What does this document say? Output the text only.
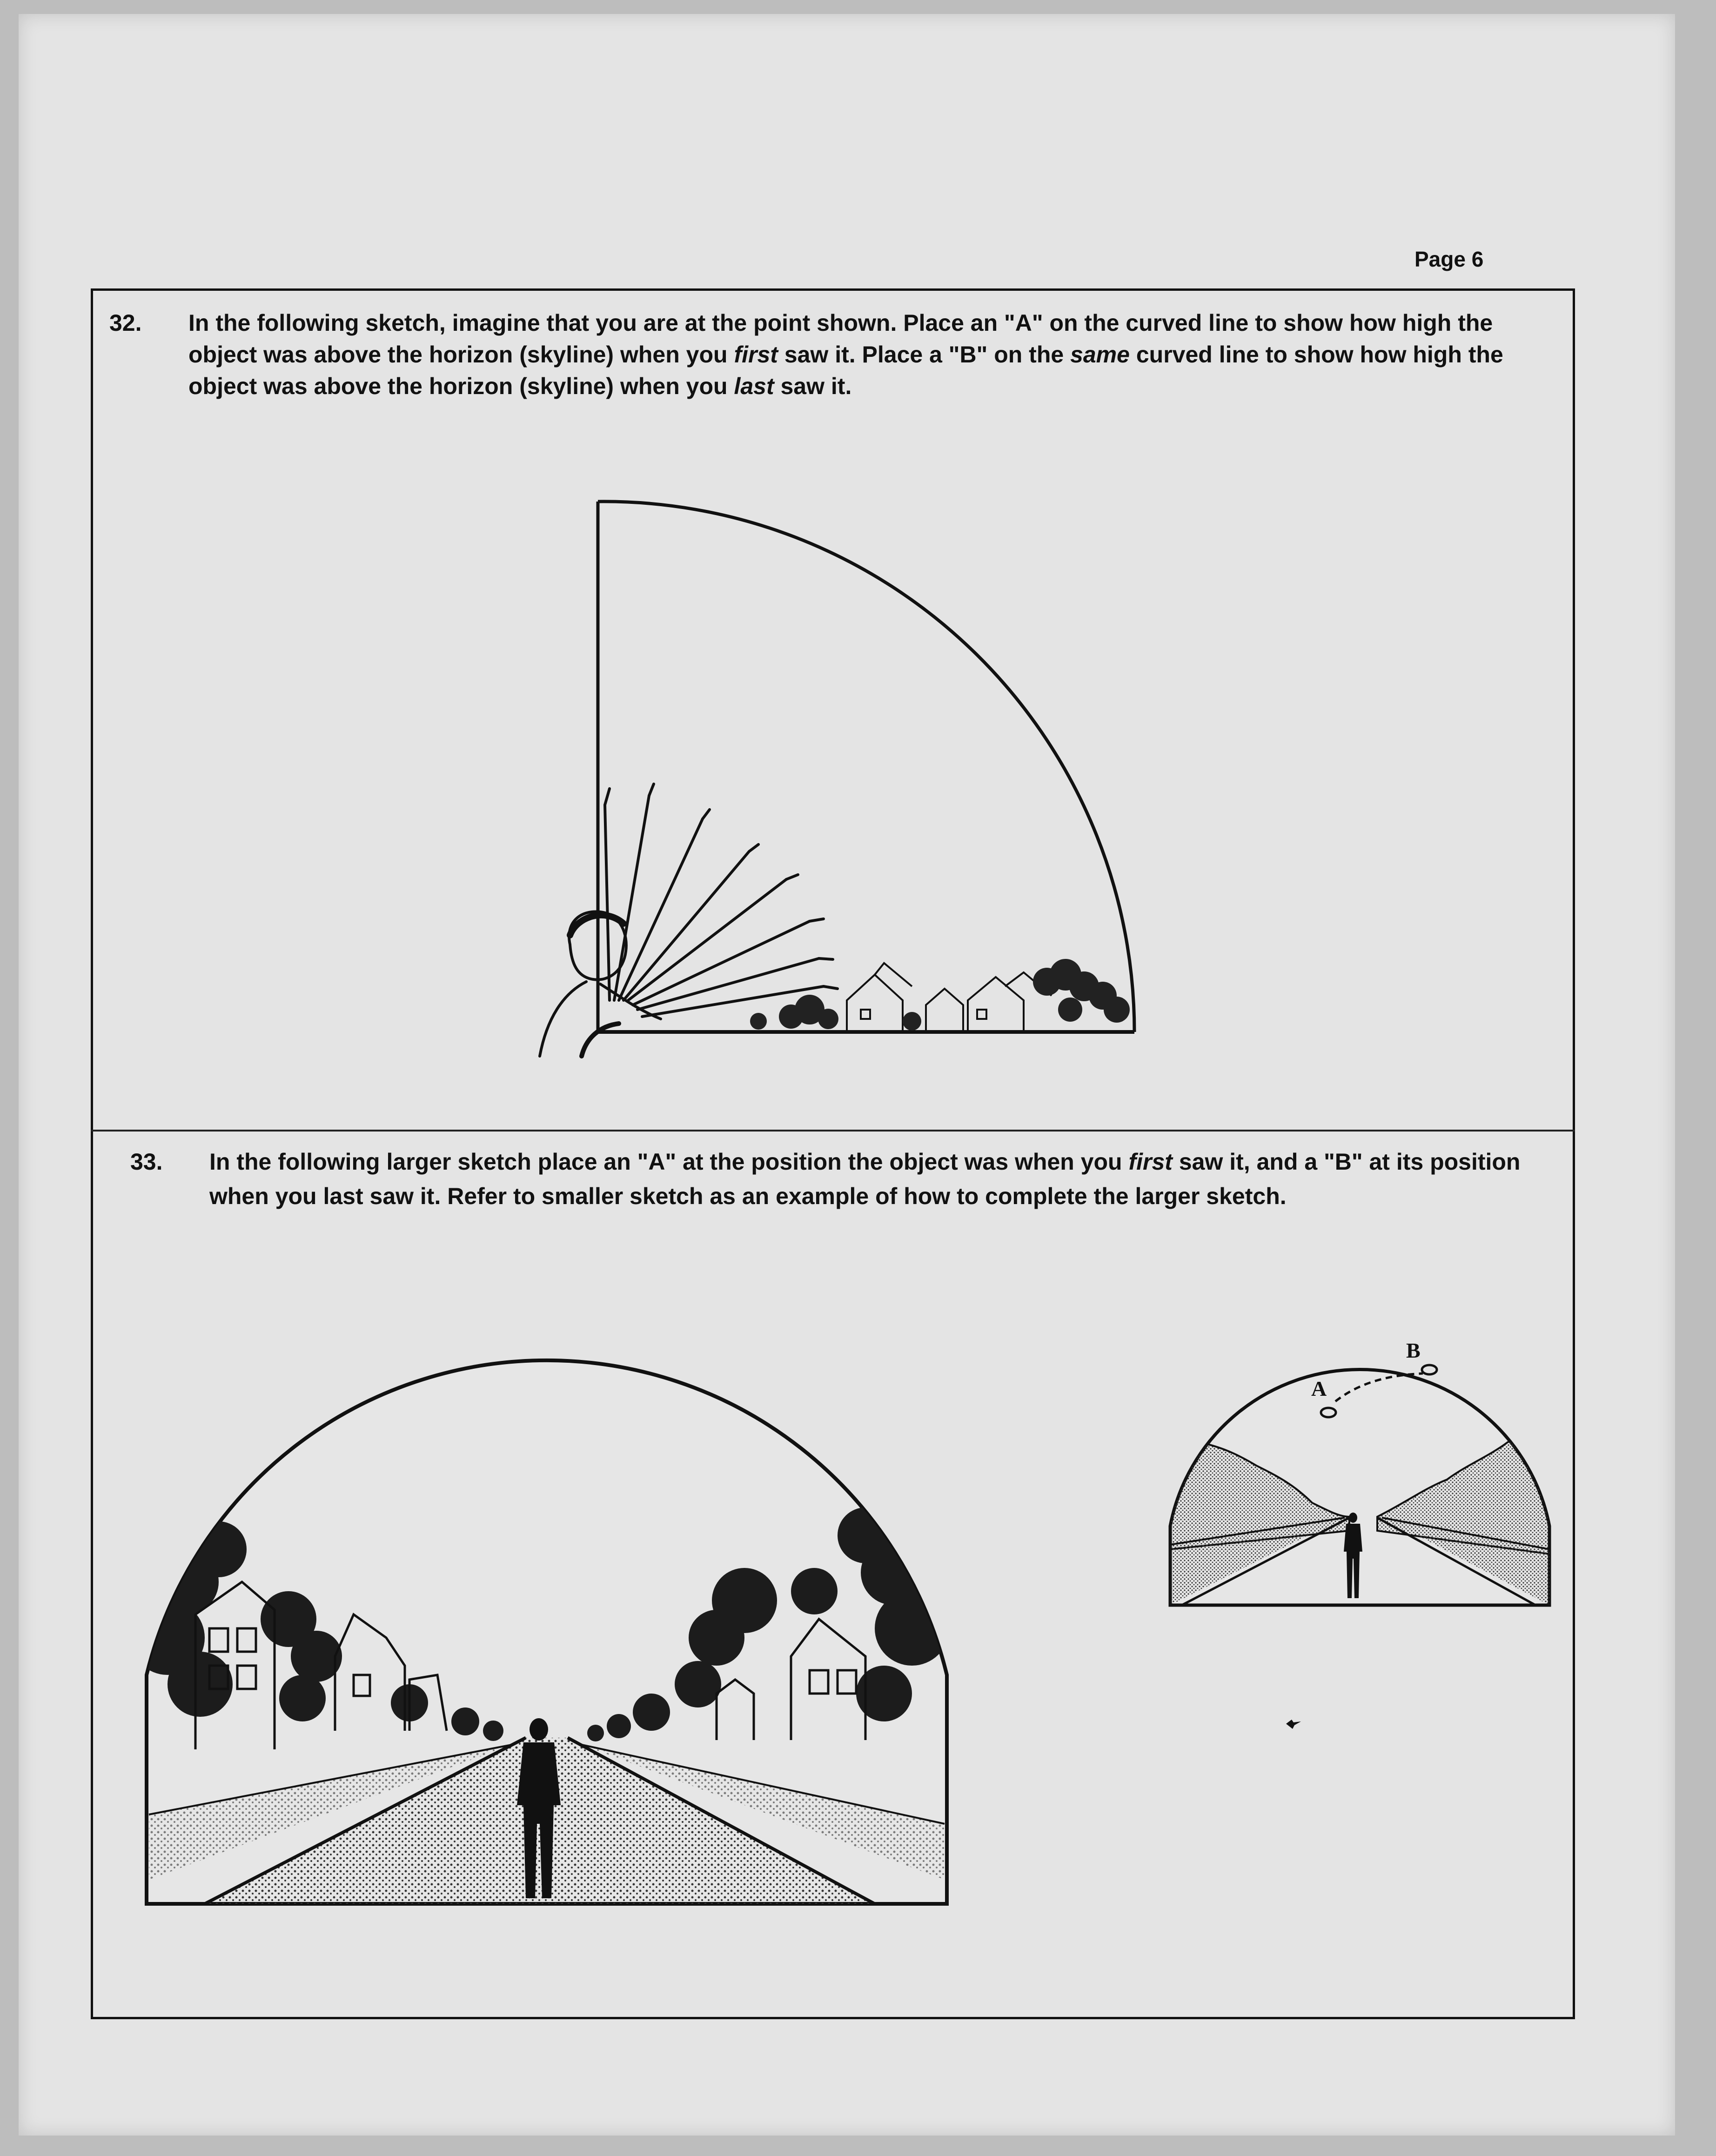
Page 6
32.	In the following sketch, imagine that you are at the point shown. Place an "A" on the curved line to show how high the object was above the horizon (skyline) when you first saw it. Place a "B" on the same curved line to show how high the object was above the horizon (skyline) when you last saw it.
33.	In the following larger sketch place an "A" at the position the object was when you first saw it, and a "B" at its position when you last saw it. Refer to smaller sketch as an example of how to complete the larger sketch.
A
B
